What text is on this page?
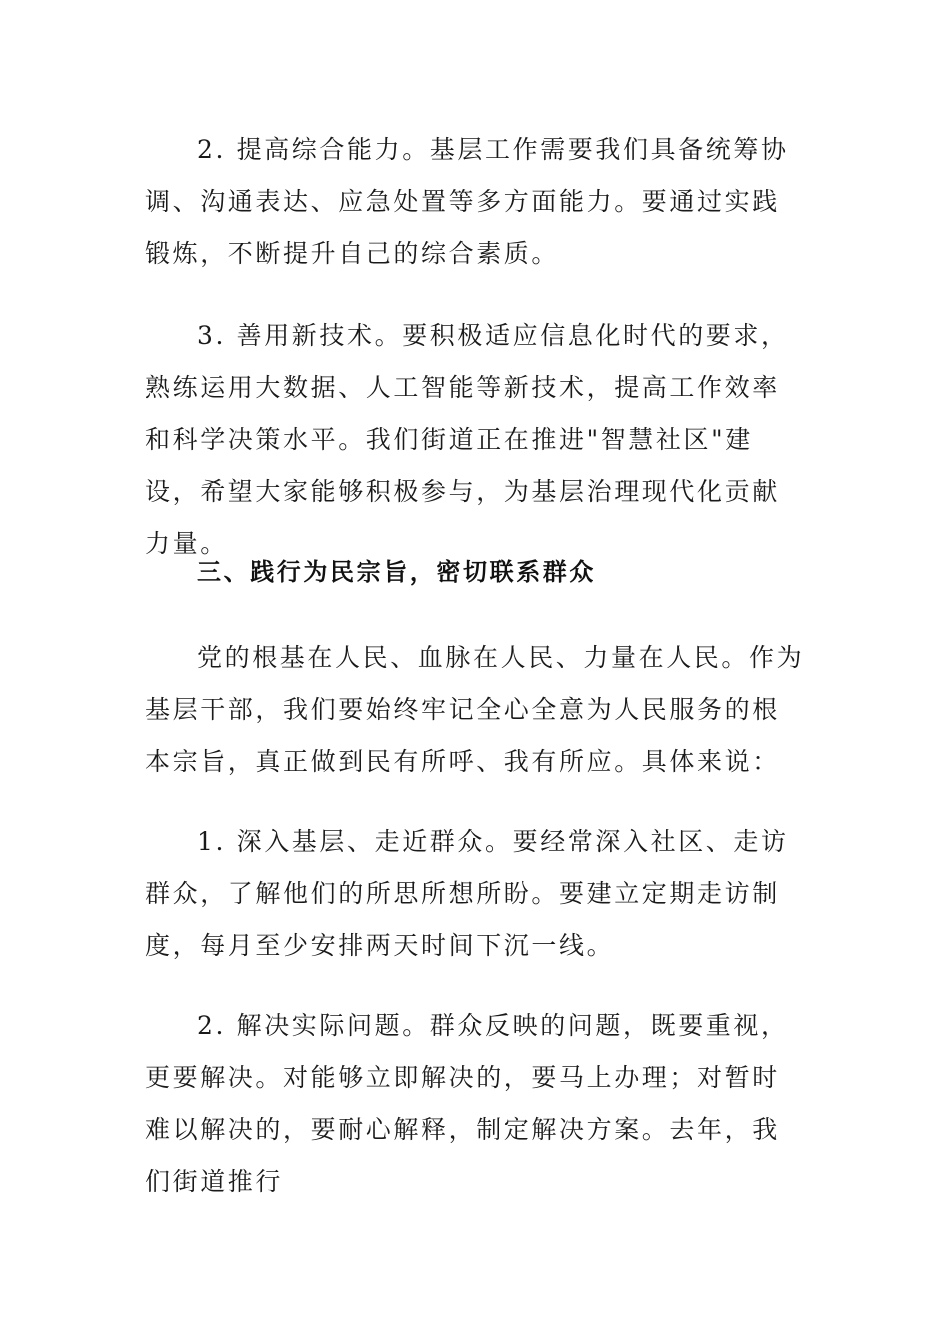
2. 提高综合能力。基层工作需要我们具备统筹协调、沟通表达、应急处置等多方面能力。要通过实践锻炼，不断提升自己的综合素质。

3. 善用新技术。要积极适应信息化时代的要求，熟练运用大数据、人工智能等新技术，提高工作效率和科学决策水平。我们街道正在推进"智慧社区"建设，希望大家能够积极参与，为基层治理现代化贡献力量。

三、践行为民宗旨，密切联系群众

党的根基在人民、血脉在人民、力量在人民。作为基层干部，我们要始终牢记全心全意为人民服务的根本宗旨，真正做到民有所呼、我有所应。具体来说：

1. 深入基层、走近群众。要经常深入社区、走访群众，了解他们的所思所想所盼。要建立定期走访制度，每月至少安排两天时间下沉一线。

2. 解决实际问题。群众反映的问题，既要重视，更要解决。对能够立即解决的，要马上办理；对暂时难以解决的，要耐心解释，制定解决方案。去年，我们街道推行
